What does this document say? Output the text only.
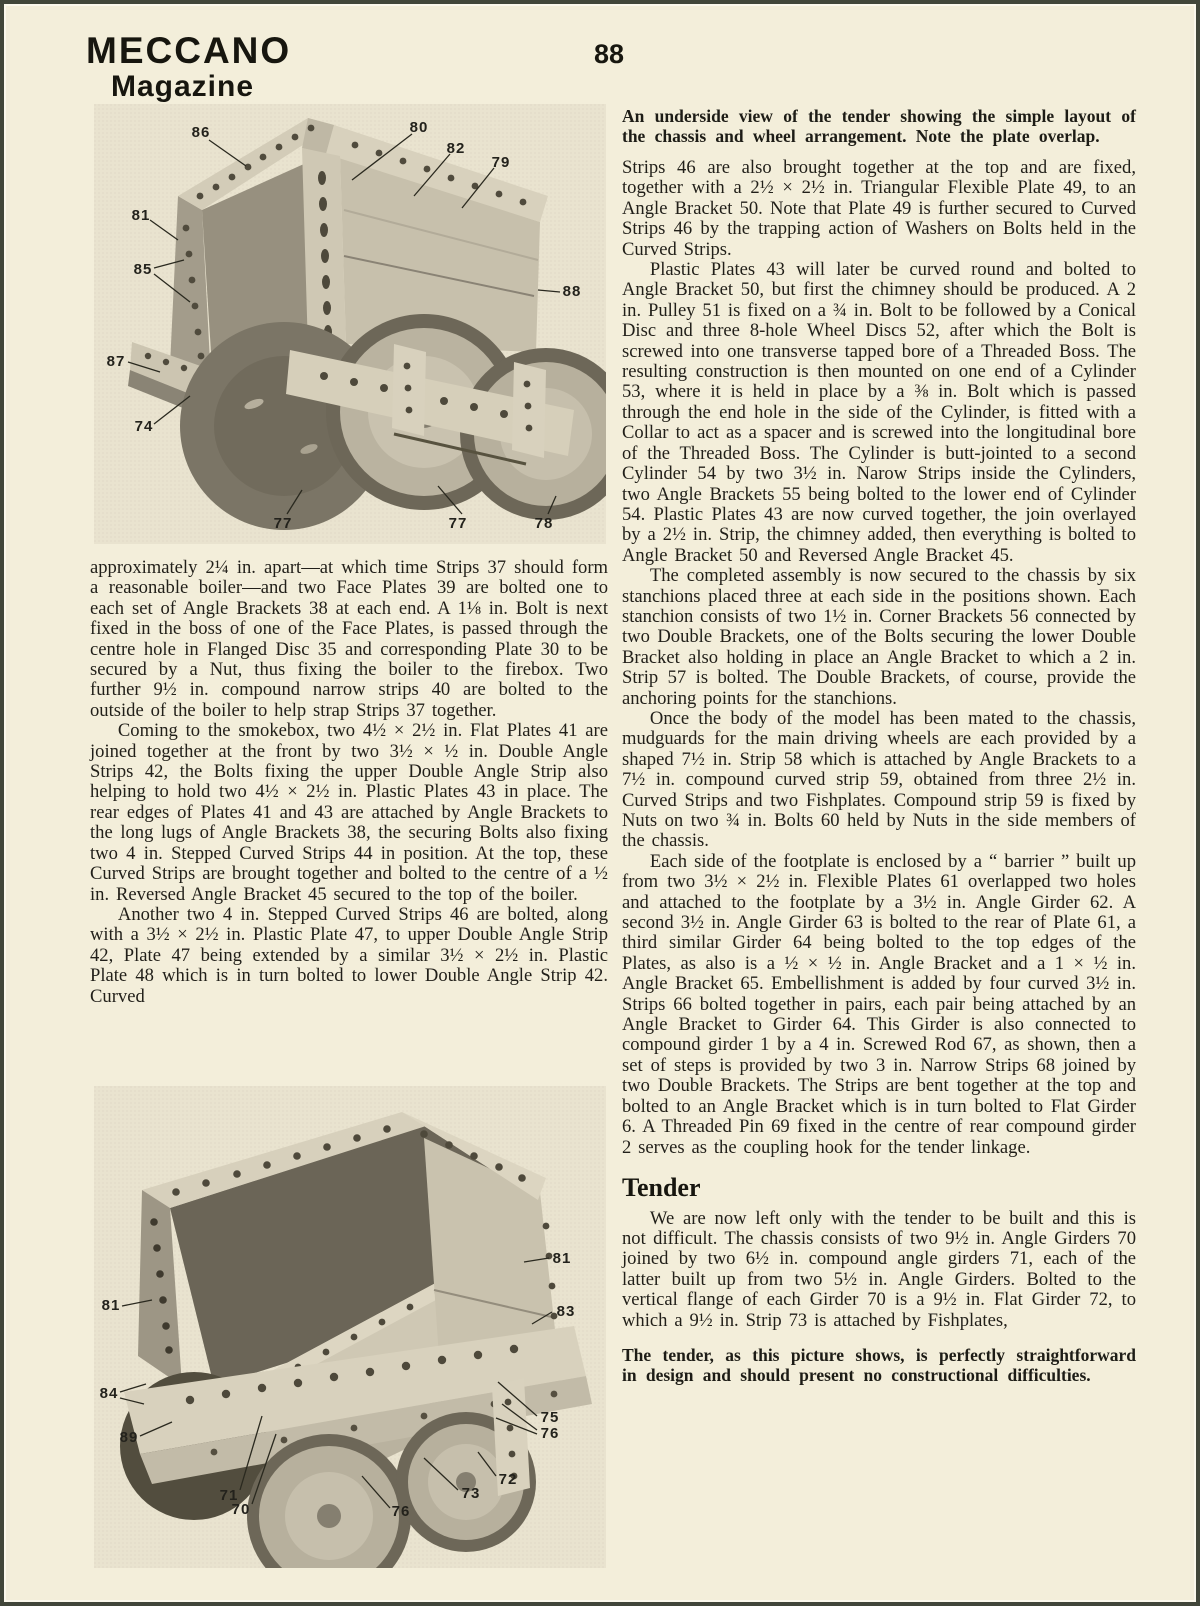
MECCANO
Magazine
88
86	80
82
79
81
85
88
87
74
77	77	78

approximately 2¼ in. apart—at which time Strips 37 should form a reasonable boiler—and two Face Plates 39 are bolted one to each set of Angle Brackets 38 at each end. A 1⅛ in. Bolt is next fixed in the boss of one of the Face Plates, is passed through the centre hole in Flanged Disc 35 and corresponding Plate 30 to be secured by a Nut, thus fixing the boiler to the firebox. Two further 9½ in. compound narrow strips 40 are bolted to the outside of the boiler to help strap Strips 37 together.

Coming to the smokebox, two 4½ × 2½ in. Flat Plates 41 are joined together at the front by two 3½ × ½ in. Double Angle Strips 42, the Bolts fixing the upper Double Angle Strip also helping to hold two 4½ × 2½ in. Plastic Plates 43 in place. The rear edges of Plates 41 and 43 are attached by Angle Brackets to the long lugs of Angle Brackets 38, the securing Bolts also fixing two 4 in. Stepped Curved Strips 44 in position. At the top, these Curved Strips are brought together and bolted to the centre of a ½ in. Reversed Angle Bracket 45 secured to the top of the boiler.

Another two 4 in. Stepped Curved Strips 46 are bolted, along with a 3½ × 2½ in. Plastic Plate 47, to upper Double Angle Strip 42, Plate 47 being extended by a similar 3½ × 2½ in. Plastic Plate 48 which is in turn bolted to lower Double Angle Strip 42. Curved

81
81	83
84
89
75
76
72
73
71
70	76

An underside view of the tender showing the simple layout of the chassis and wheel arrangement. Note the plate overlap.

Strips 46 are also brought together at the top and are fixed, together with a 2½ × 2½ in. Triangular Flexible Plate 49, to an Angle Bracket 50. Note that Plate 49 is further secured to Curved Strips 46 by the trapping action of Washers on Bolts held in the Curved Strips.

Plastic Plates 43 will later be curved round and bolted to Angle Bracket 50, but first the chimney should be produced. A 2 in. Pulley 51 is fixed on a ¾ in. Bolt to be followed by a Conical Disc and three 8-hole Wheel Discs 52, after which the Bolt is screwed into one transverse tapped bore of a Threaded Boss. The resulting construction is then mounted on one end of a Cylinder 53, where it is held in place by a ⅜ in. Bolt which is passed through the end hole in the side of the Cylinder, is fitted with a Collar to act as a spacer and is screwed into the longitudinal bore of the Threaded Boss. The Cylinder is butt-jointed to a second Cylinder 54 by two 3½ in. Narow Strips inside the Cylinders, two Angle Brackets 55 being bolted to the lower end of Cylinder 54. Plastic Plates 43 are now curved together, the join overlayed by a 2½ in. Strip, the chimney added, then everything is bolted to Angle Bracket 50 and Reversed Angle Bracket 45.

The completed assembly is now secured to the chassis by six stanchions placed three at each side in the positions shown. Each stanchion consists of two 1½ in. Corner Brackets 56 connected by two Double Brackets, one of the Bolts securing the lower Double Bracket also holding in place an Angle Bracket to which a 2 in. Strip 57 is bolted. The Double Brackets, of course, provide the anchoring points for the stanchions.

Once the body of the model has been mated to the chassis, mudguards for the main driving wheels are each provided by a shaped 7½ in. Strip 58 which is attached by Angle Brackets to a 7½ in. compound curved strip 59, obtained from three 2½ in. Curved Strips and two Fishplates. Compound strip 59 is fixed by Nuts on two ¾ in. Bolts 60 held by Nuts in the side members of the chassis.

Each side of the footplate is enclosed by a “ barrier ” built up from two 3½ × 2½ in. Flexible Plates 61 overlapped two holes and attached to the footplate by a 3½ in. Angle Girder 62. A second 3½ in. Angle Girder 63 is bolted to the rear of Plate 61, a third similar Girder 64 being bolted to the top edges of the Plates, as also is a ½ × ½ in. Angle Bracket and a 1 × ½ in. Angle Bracket 65. Embellishment is added by four curved 3½ in. Strips 66 bolted together in pairs, each pair being attached by an Angle Bracket to Girder 64. This Girder is also connected to compound girder 1 by a 4 in. Screwed Rod 67, as shown, then a set of steps is provided by two 3 in. Narrow Strips 68 joined by two Double Brackets. The Strips are bent together at the top and bolted to an Angle Bracket which is in turn bolted to Flat Girder 6. A Threaded Pin 69 fixed in the centre of rear compound girder 2 serves as the coupling hook for the tender linkage.

Tender

We are now left only with the tender to be built and this is not difficult. The chassis consists of two 9½ in. Angle Girders 70 joined by two 6½ in. compound angle girders 71, each of the latter built up from two 5½ in. Angle Girders. Bolted to the vertical flange of each Girder 70 is a 9½ in. Flat Girder 72, to which a 9½ in. Strip 73 is attached by Fishplates,

The tender, as this picture shows, is perfectly straightforward in design and should present no constructional difficulties.
